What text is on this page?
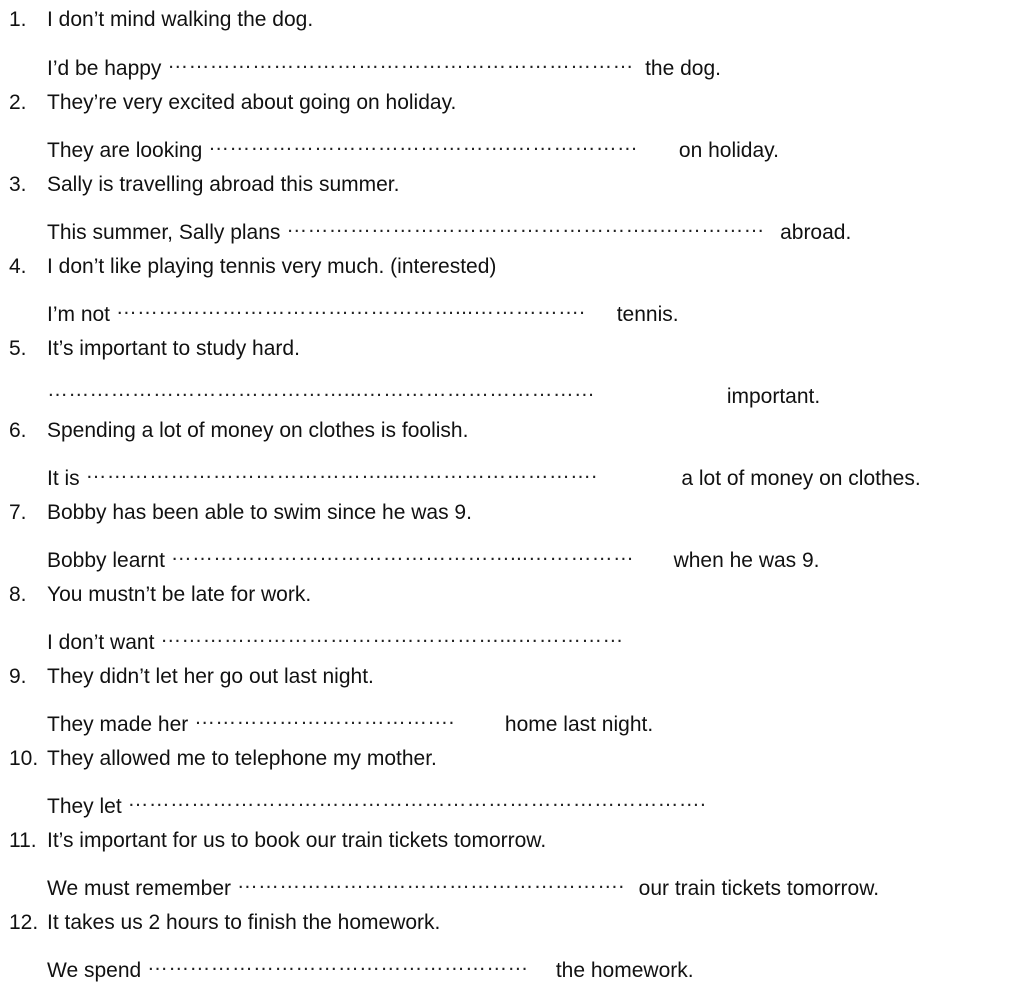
1. I don’t mind walking the dog.
I’d be happy ………………………………………………………… the dog.
2. They’re very excited about going on holiday.
They are looking …………………………………….……………… on holiday.
3. Sally is travelling abroad this summer.
This summer, Sally plans ……………………………………………..…………… abroad.
4. I don’t like playing tennis very much. (interested)
I’m not …………………………………………...……………. tennis.
5. It’s important to study hard.
……………………………………...……………………………	important.
6. Spending a lot of money on clothes is foolish.
It is ……………………………………...……………………….	a lot of money on clothes.
7. Bobby has been able to swim since he was 9.
Bobby learnt …………………………………………...…………… when he was 9.
8. You mustn’t be late for work.
I don’t want …………………………………………...……………
9. They didn’t let her go out last night.
They made her ………………………………. home last night.
10. They allowed me to telephone my mother.
They let ……………………………………………………………………….
11. It’s important for us to book our train tickets tomorrow.
We must remember ………………………………………………. our train tickets tomorrow.
12. It takes us 2 hours to finish the homework.
We spend ……………………………………………… the homework.
